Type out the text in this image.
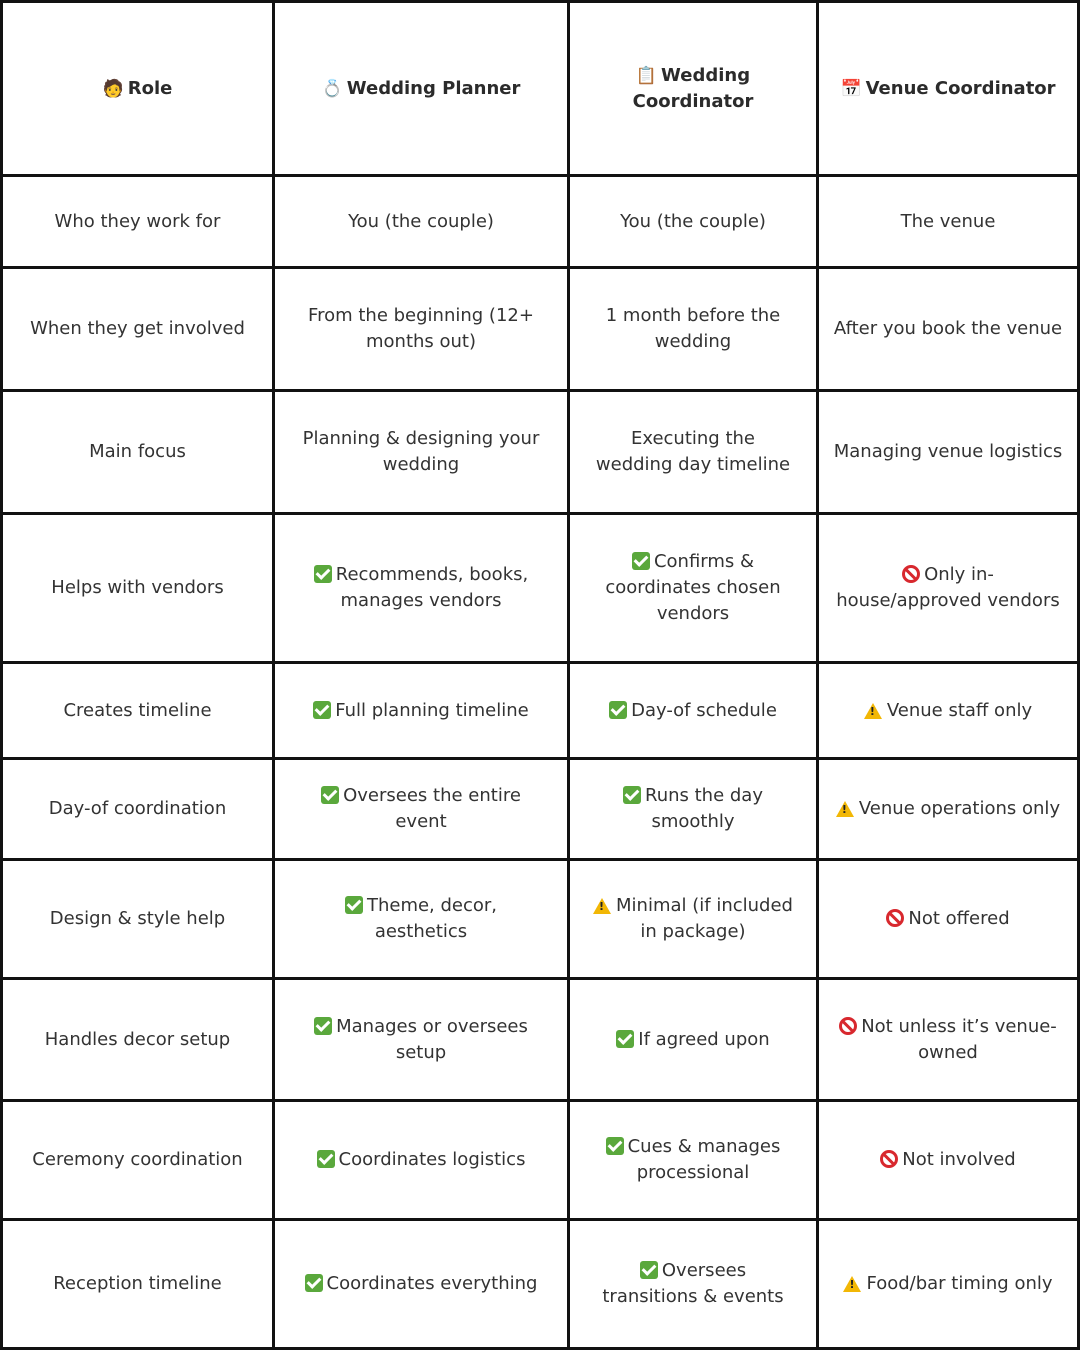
🧑 Role	💍 Wedding Planner
📋 Wedding Coordinator
📅 Venue Coordinator
Who they work for	You (the couple)	You (the couple)	The venue
When they get involved
From the beginning (12+ months out)
1 month before the wedding
After you book the venue
Main focus
Planning & designing your wedding
Executing the wedding day timeline
Managing venue logistics
Helps with vendors
Recommends, books, manages vendors
Confirms & coordinates chosen vendors
Only in-house/approved vendors
Creates timeline	Full planning timeline	Day-of schedule
!	Venue staff only
Day-of coordination
Oversees the entire event
Runs the day smoothly
!Venue operations only
Design & style help
Theme, decor, aesthetics
!Minimal (if included in package)
Not offered
Handles decor setup
Manages or oversees setup
If agreed upon
Not unless it’s venue-owned
Ceremony coordination	Coordinates logistics
Cues & manages processional
Not involved
Reception timeline	Coordinates everything
Oversees transitions & events
!Food/bar timing only
